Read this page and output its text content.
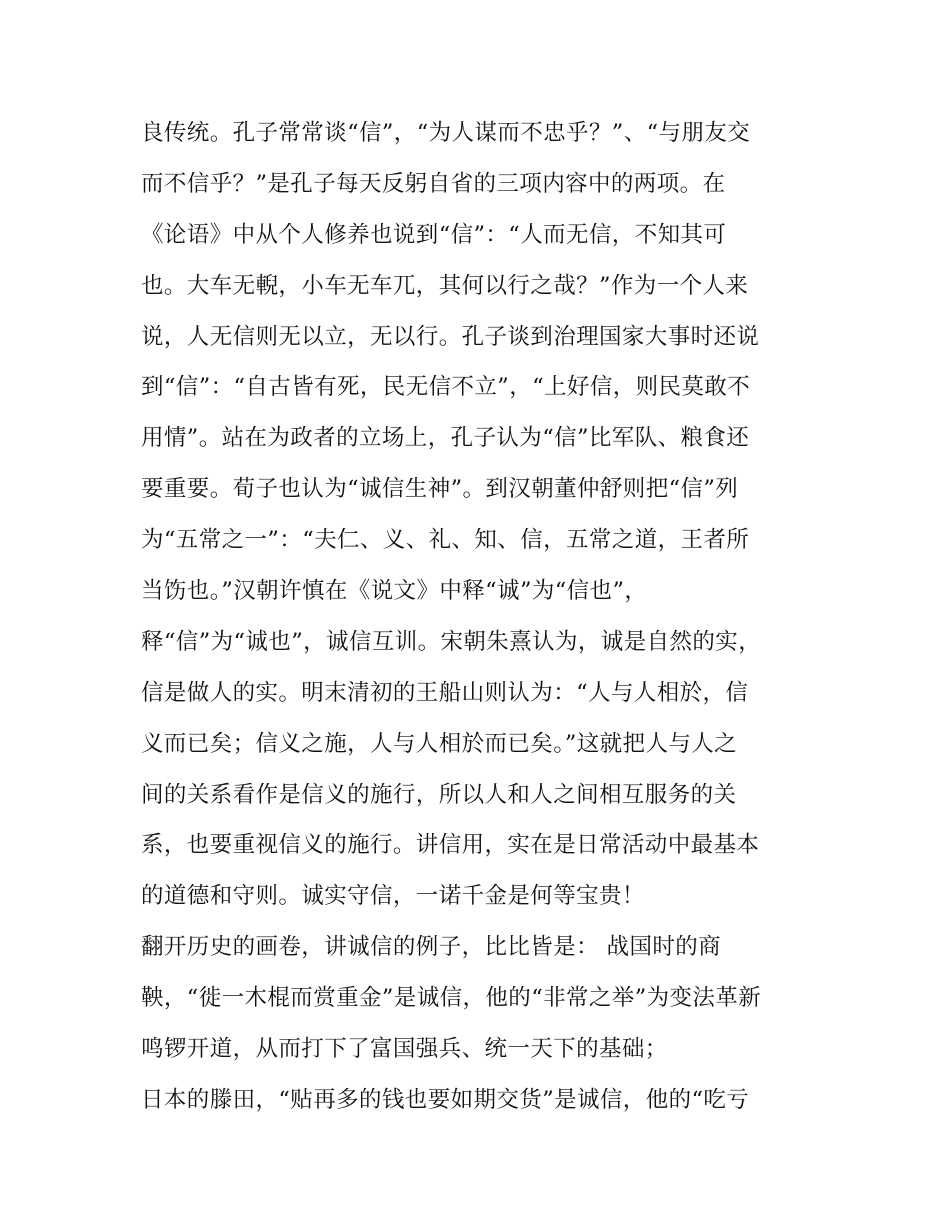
良传统。孔子常常谈“信”，“为人谋而不忠乎？”、“与朋友交
而不信乎？”是孔子每天反躬自省的三项内容中的两项。在
《论语》中从个人修养也说到“信”：“人而无信，不知其可
也。大车无輗，小车无车兀，其何以行之哉？”作为一个人来
说，人无信则无以立，无以行。孔子谈到治理国家大事时还说
到“信”：“自古皆有死，民无信不立”，“上好信，则民莫敢不
用情”。站在为政者的立场上，孔子认为“信”比军队、粮食还
要重要。荀子也认为“诚信生神”。到汉朝董仲舒则把“信”列
为“五常之一”：“夫仁、义、礼、知、信，五常之道，王者所
当饬也。”汉朝许慎在《说文》中释“诚”为“信也”，
释“信”为“诚也”，诚信互训。宋朝朱熹认为，诚是自然的实，
信是做人的实。明末清初的王船山则认为：“人与人相於，信
义而已矣；信义之施，人与人相於而已矣。”这就把人与人之
间的关系看作是信义的施行，所以人和人之间相互服务的关
系，也要重视信义的施行。讲信用，实在是日常活动中最基本
的道德和守则。诚实守信，一诺千金是何等宝贵！
翻开历史的画卷，讲诚信的例子，比比皆是： 战国时的商
鞅，“徙一木棍而赏重金”是诚信，他的“非常之举”为变法革新
鸣锣开道，从而打下了富国强兵、统一天下的基础；
日本的滕田，“贴再多的钱也要如期交货”是诚信，他的“吃亏
